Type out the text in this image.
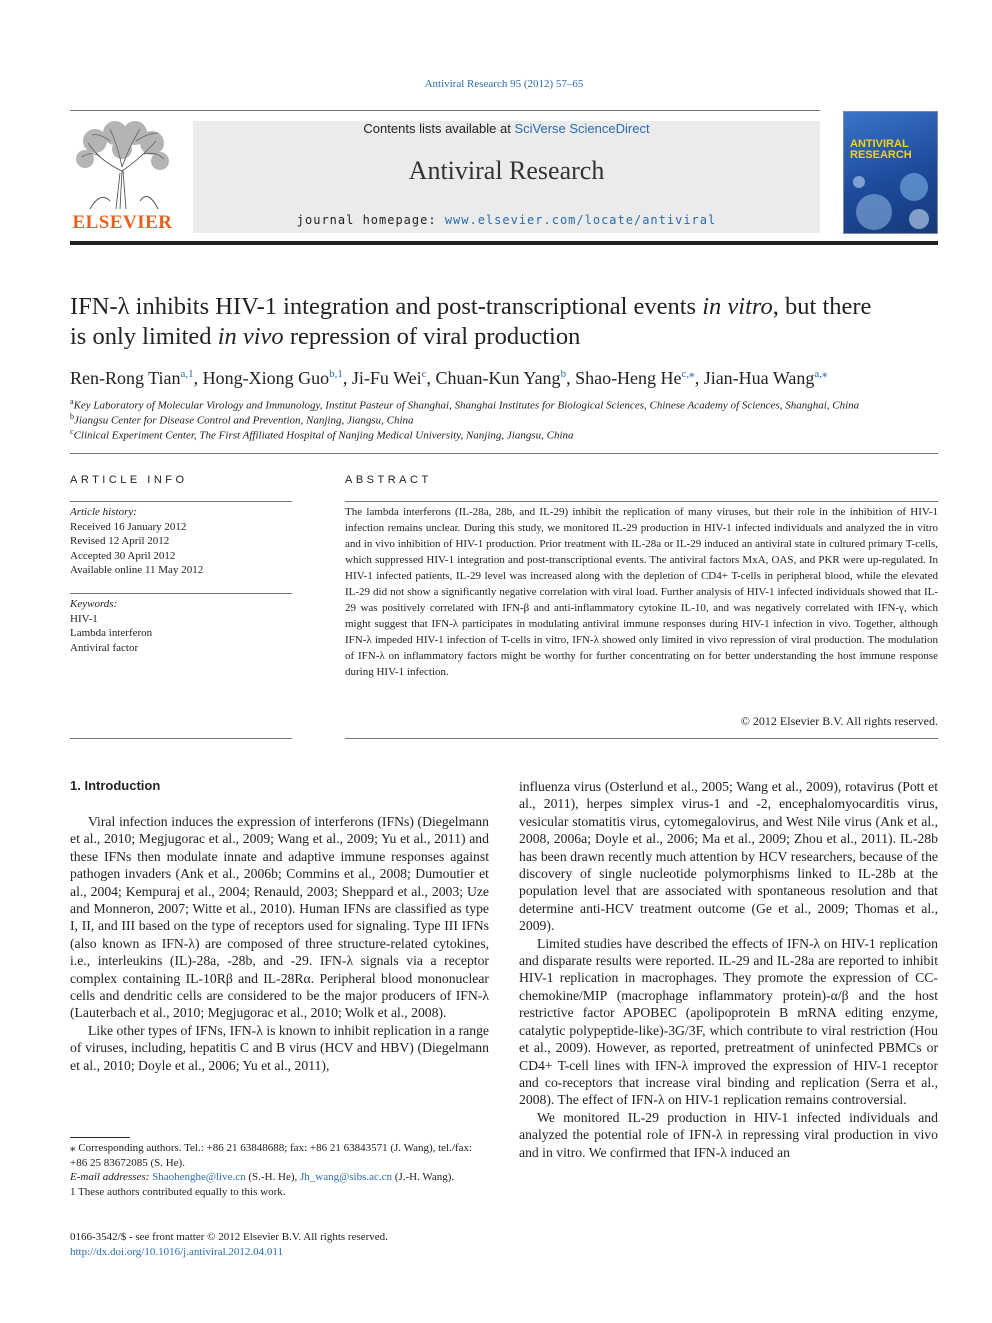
Antiviral Research 95 (2012) 57–65
ELSEVIER
Contents lists available at SciVerse ScienceDirect
Antiviral Research
journal homepage: www.elsevier.com/locate/antiviral
ANTIVIRAL
RESEARCH
IFN-λ inhibits HIV-1 integration and post-transcriptional events in vitro, but there
is only limited in vivo repression of viral production
Ren-Rong Tian$^{a,1}$, Hong-Xiong Guo$^{b,1}$, Ji-Fu Wei$^c$, Chuan-Kun Yang$^b$, Shao-Heng $He^{c,⁎}$, Jian-Hua Wang$^{a,⁎}$
$^a$Key Laboratory of Molecular Virology and Immunology, Institut Pasteur of Shanghai, Shanghai Institutes for Biological Sciences, Chinese Academy of Sciences, Shanghai, China
$^b$Jiangsu Center for Disease Control and Prevention, Nanjing, Jiangsu, China
$^c$Clinical Experiment Center, The First Affiliated Hospital of Nanjing Medical University, Nanjing, Jiangsu, China
ARTICLE INFO
Article history:
Received 16 January 2012
Revised 12 April 2012
Accepted 30 April 2012
Available online 11 May 2012
Keywords:
HIV-1
Lambda interferon
Antiviral factor
ABSTRACT
The lambda interferons (IL-28a, 28b, and IL-29) inhibit the replication of many viruses, but their role in the inhibition of HIV-1 infection remains unclear. During this study, we monitored IL-29 production in HIV-1 infected individuals and analyzed the in vitro and in vivo inhibition of HIV-1 production. Prior treatment with IL-28a or IL-29 induced an antiviral state in cultured primary T-cells, which suppressed HIV-1 integration and post-transcriptional events. The antiviral factors MxA, OAS, and PKR were up-regulated. In HIV-1 infected patients, IL-29 level was increased along with the depletion of CD4+ T-cells in peripheral blood, while the elevated IL-29 did not show a significantly negative correlation with viral load. Further analysis of HIV-1 infected individuals showed that IL-29 was positively correlated with IFN-β and anti-inflammatory cytokine IL-10, and was negatively correlated with IFN-γ, which might suggest that IFN-λ participates in modulating antiviral immune responses during HIV-1 infection in vivo. Together, although IFN-λ impeded HIV-1 infection of T-cells in vitro, IFN-λ showed only limited in vivo repression of viral production. The modulation of IFN-λ on inflammatory factors might be worthy for further concentrating on for better understanding the host immune response during HIV-1 infection.
© 2012 Elsevier B.V. All rights reserved.
1. Introduction

Viral infection induces the expression of interferons (IFNs) (Diegelmann et al., 2010; Megjugorac et al., 2009; Wang et al., 2009; Yu et al., 2011) and these IFNs then modulate innate and adaptive immune responses against pathogen invaders (Ank et al., 2006b; Commins et al., 2008; Dumoutier et al., 2004; Kempuraj et al., 2004; Renauld, 2003; Sheppard et al., 2003; Uze and Monneron, 2007; Witte et al., 2010). Human IFNs are classified as type I, II, and III based on the type of receptors used for signaling. Type III IFNs (also known as IFN-λ) are composed of three structure-related cytokines, i.e., interleukins (IL)-28a, -28b, and -29. IFN-λ signals via a receptor complex containing IL-10Rβ and IL-28Rα. Peripheral blood mononuclear cells and dendritic cells are considered to be the major producers of IFN-λ (Lauterbach et al., 2010; Megjugorac et al., 2010; Wolk et al., 2008).

Like other types of IFNs, IFN-λ is known to inhibit replication in a range of viruses, including, hepatitis C and B virus (HCV and HBV) (Diegelmann et al., 2010; Doyle et al., 2006; Yu et al., 2011),

influenza virus (Osterlund et al., 2005; Wang et al., 2009), rotavirus (Pott et al., 2011), herpes simplex virus-1 and -2, encephalomyocarditis virus, vesicular stomatitis virus, cytomegalovirus, and West Nile virus (Ank et al., 2008, 2006a; Doyle et al., 2006; Ma et al., 2009; Zhou et al., 2011). IL-28b has been drawn recently much attention by HCV researchers, because of the discovery of single nucleotide polymorphisms linked to IL-28b at the population level that are associated with spontaneous resolution and that determine anti-HCV treatment outcome (Ge et al., 2009; Thomas et al., 2009).

Limited studies have described the effects of IFN-λ on HIV-1 replication and disparate results were reported. IL-29 and IL-28a are reported to inhibit HIV-1 replication in macrophages. They promote the expression of CC-chemokine/MIP (macrophage inflammatory protein)-α/β and the host restrictive factor APOBEC (apolipoprotein B mRNA editing enzyme, catalytic polypeptide-like)-3G/3F, which contribute to viral restriction (Hou et al., 2009). However, as reported, pretreatment of uninfected PBMCs or CD4+ T-cell lines with IFN-λ improved the expression of HIV-1 receptor and co-receptors that increase viral binding and replication (Serra et al., 2008). The effect of IFN-λ on HIV-1 replication remains controversial.

We monitored IL-29 production in HIV-1 infected individuals and analyzed the potential role of IFN-λ in repressing viral production in vivo and in vitro. We confirmed that IFN-λ induced an

⁎ Corresponding authors. Tel.: +86 21 63848688; fax: +86 21 63843571 (J. Wang), tel./fax: +86 25 83672085 (S. He).
E-mail addresses: Shaohenghe@live.cn (S.-H. He), Jh_wang@sibs.ac.cn (J.-H. Wang).
1 These authors contributed equally to this work.
0166-3542/$ - see front matter © 2012 Elsevier B.V. All rights reserved.
http://dx.doi.org/10.1016/j.antiviral.2012.04.011
